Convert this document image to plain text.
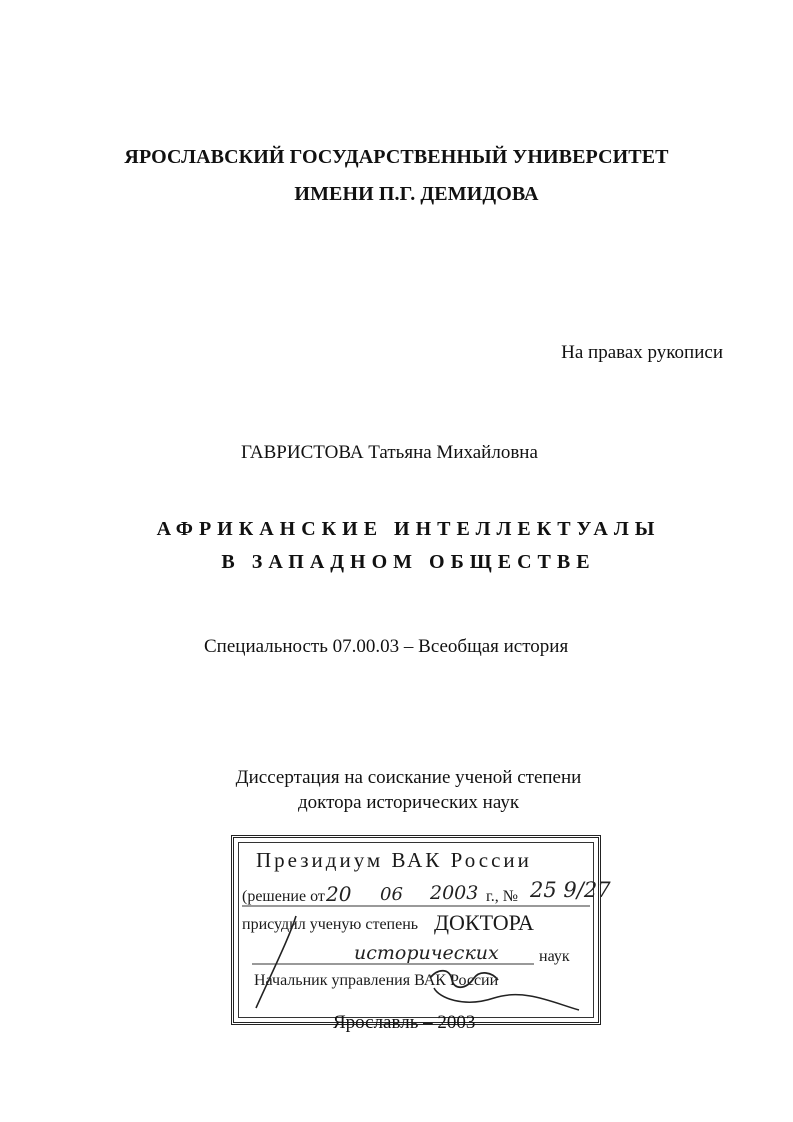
ЯРОСЛАВСКИЙ ГОСУДАРСТВЕННЫЙ УНИВЕРСИТЕТ
ИМЕНИ П.Г. ДЕМИДОВА
На правах рукописи
ГАВРИСТОВА Татьяна Михайловна
АФРИКАНСКИЕ ИНТЕЛЛЕКТУАЛЫ
В ЗАПАДНОМ ОБЩЕСТВЕ
Специальность 07.00.03 – Всеобщая история
Диссертация на соискание ученой степени
доктора исторических наук
Президиум ВАК России
(решение от 20 06 2003 г., № 25 9/27
присудил ученую степень ДОКТОРА
исторических	наук
Начальник управления ВАК России
Ярославль – 2003
